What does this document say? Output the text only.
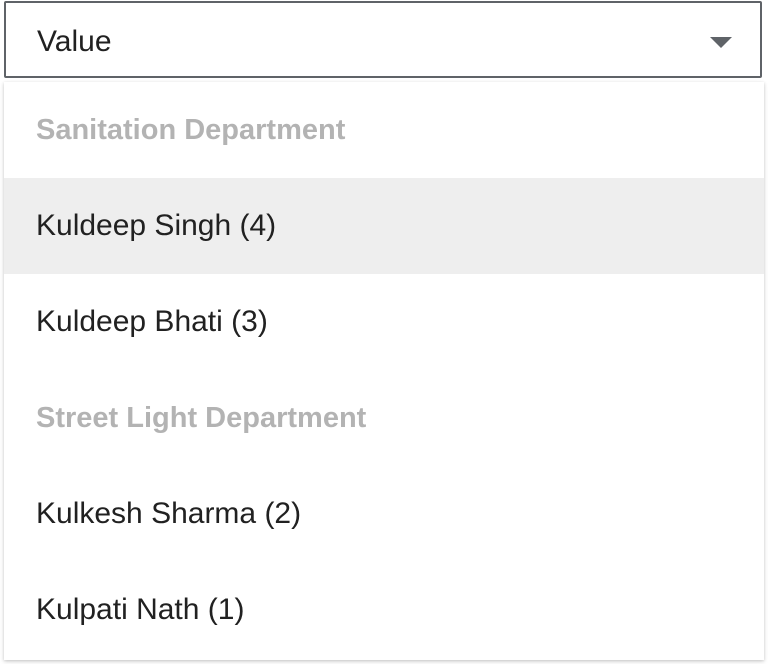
Value
Sanitation Department
Kuldeep Singh (4)
Kuldeep Bhati (3)
Street Light Department
Kulkesh Sharma (2)
Kulpati Nath (1)
